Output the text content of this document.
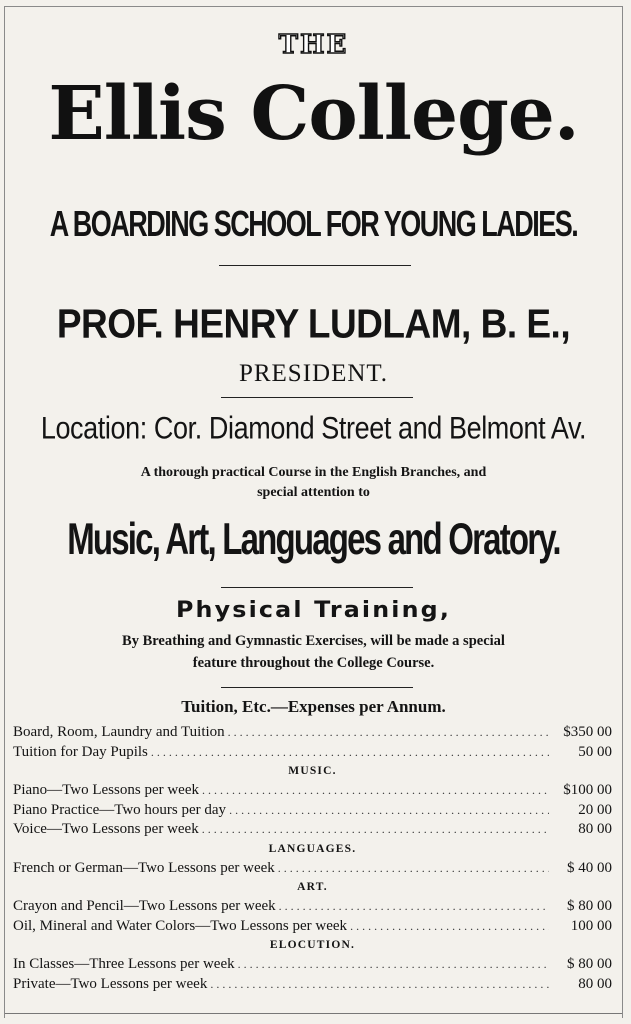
THE
Ellis College.
A BOARDING SCHOOL FOR YOUNG LADIES.
PROF. HENRY LUDLAM, B. E.,
PRESIDENT.
Location: Cor. Diamond Street and Belmont Av.
A thorough practical Course in the English Branches, and
special attention to
Music, Art, Languages and Oratory.
Physical Training,
By Breathing and Gymnastic Exercises, will be made a special
feature throughout the College Course.
Tuition, Etc.—Expenses per Annum.
Board, Room, Laundry and Tuition . . .	$350 00
Tuition for Day Pupils . . .	50 00
MUSIC.
Piano—Two Lessons per week . . .	$100 00
Piano Practice—Two hours per day . . .	20 00
Voice—Two Lessons per week . . .	80 00
LANGUAGES.
French or German—Two Lessons per week . . .	$ 40 00
ART.
Crayon and Pencil—Two Lessons per week . . .	$ 80 00
Oil, Mineral and Water Colors—Two Lessons per week . . .	100 00
ELOCUTION.
In Classes—Three Lessons per week . . .	$ 80 00
Private—Two Lessons per week . . .	80 00
